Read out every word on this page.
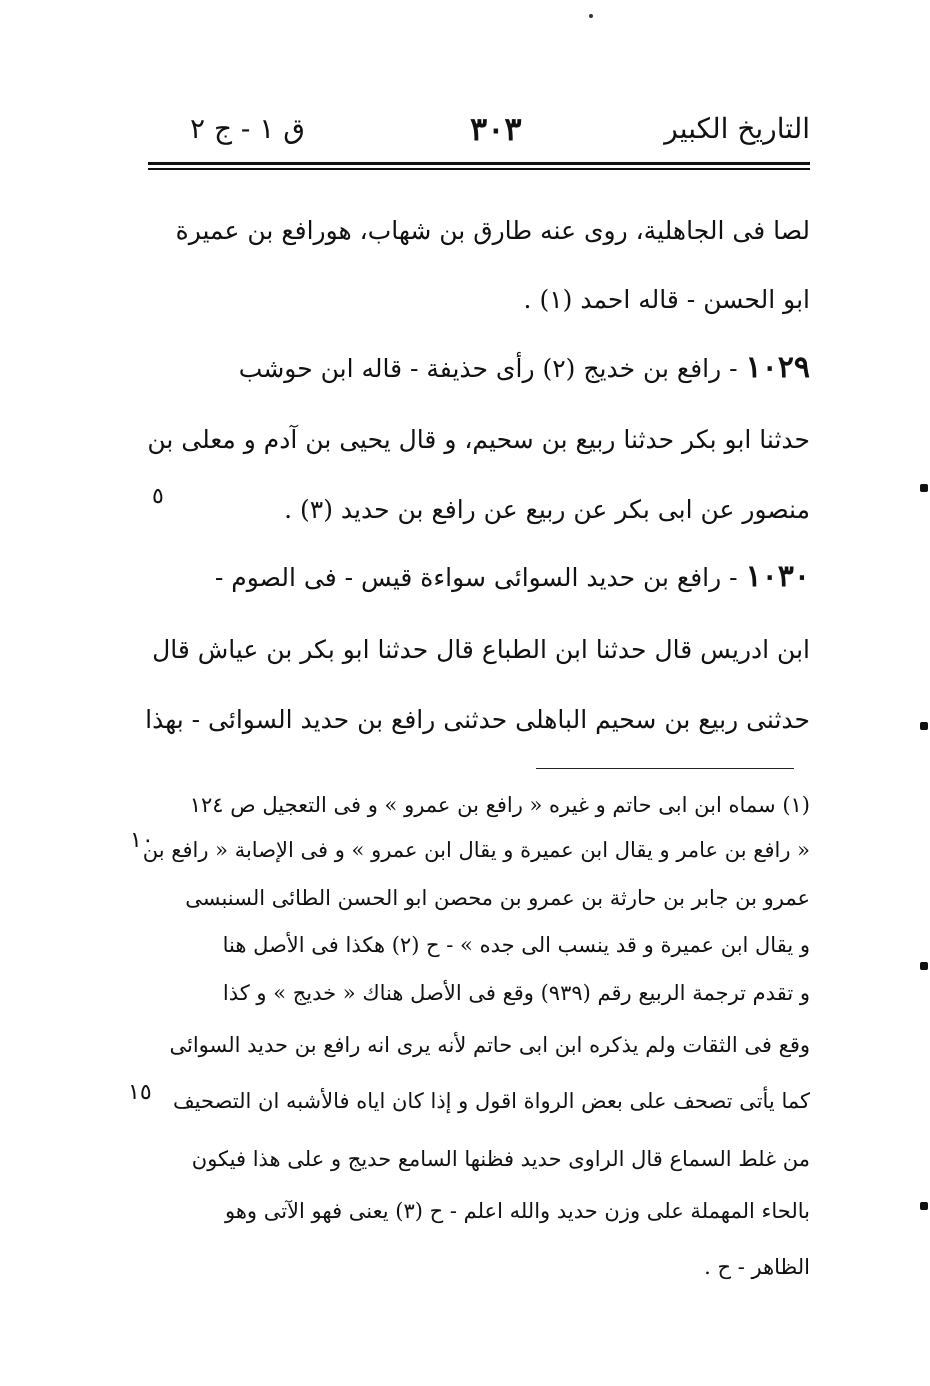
التاريخ الكبير
٣٠٣
ق ١ - ج ٢
لصا فى الجاهلية، روى عنه طارق بن شهاب، هورافع بن عميرة
ابو الحسن - قاله احمد (١) .
١٠٢٩ - رافع بن خديج (٢) رأى حذيفة - قاله ابن حوشب
حدثنا ابو بكر حدثنا ربيع بن سحيم، و قال يحيى بن آدم و معلى بن
منصور عن ابى بكر عن ربيع عن رافع بن حديد (٣) .
١٠٣٠ - رافع بن حديد السوائى سواءة قيس - فى الصوم -
ابن ادريس قال حدثنا ابن الطباع قال حدثنا ابو بكر بن عياش قال
حدثنى ربيع بن سحيم الباهلى حدثنى رافع بن حديد السوائى - بهذا
(١) سماه ابن ابى حاتم و غيره « رافع بن عمرو » و فى التعجيل ص ١٢٤
« رافع بن عامر و يقال ابن عميرة و يقال ابن عمرو » و فى الإصابة « رافع بن
عمرو بن جابر بن حارثة بن عمرو بن محصن ابو الحسن الطائى السنبسى
و يقال ابن عميرة و قد ينسب الى جده » - ح (٢) هكذا فى الأصل هنا
و تقدم ترجمة الربيع رقم (٩٣٩) وقع فى الأصل هناك « خديج » و كذا
وقع فى الثقات ولم يذكره ابن ابى حاتم لأنه يرى انه رافع بن حديد السوائى
كما يأتى تصحف على بعض الرواة اقول و إذا كان اياه فالأشبه ان التصحيف
من غلط السماع قال الراوى حديد فظنها السامع حديج و على هذا فيكون
بالحاء المهملة على وزن حديد والله اعلم - ح (٣) يعنى فهو الآتى وهو
الظاهر - ح .
٥
١٠
١٥
